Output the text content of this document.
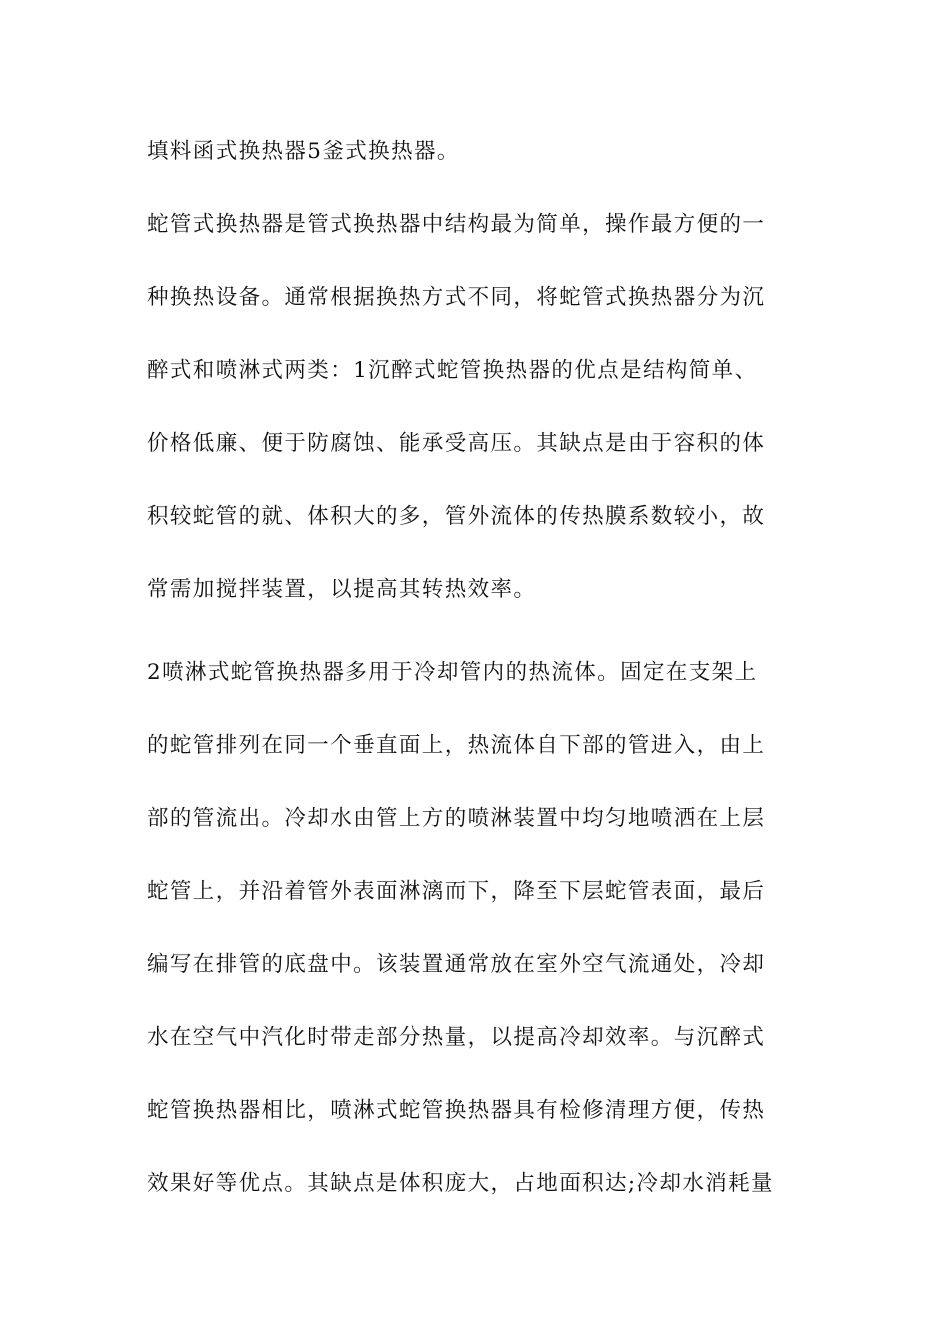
填料函式换热器5釜式换热器。
蛇管式换热器是管式换热器中结构最为简单，操作最方便的一
种换热设备。通常根据换热方式不同，将蛇管式换热器分为沉
醉式和喷淋式两类：1沉醉式蛇管换热器的优点是结构简单、
价格低廉、便于防腐蚀、能承受高压。其缺点是由于容积的体
积较蛇管的就、体积大的多，管外流体的传热膜系数较小，故
常需加搅拌装置，以提高其转热效率。
2喷淋式蛇管换热器多用于冷却管内的热流体。固定在支架上
的蛇管排列在同一个垂直面上，热流体自下部的管进入，由上
部的管流出。冷却水由管上方的喷淋装置中均匀地喷洒在上层
蛇管上，并沿着管外表面淋漓而下，降至下层蛇管表面，最后
编写在排管的底盘中。该装置通常放在室外空气流通处，冷却
水在空气中汽化时带走部分热量，以提高冷却效率。与沉醉式
蛇管换热器相比，喷淋式蛇管换热器具有检修清理方便，传热
效果好等优点。其缺点是体积庞大，占地面积达;冷却水消耗量
